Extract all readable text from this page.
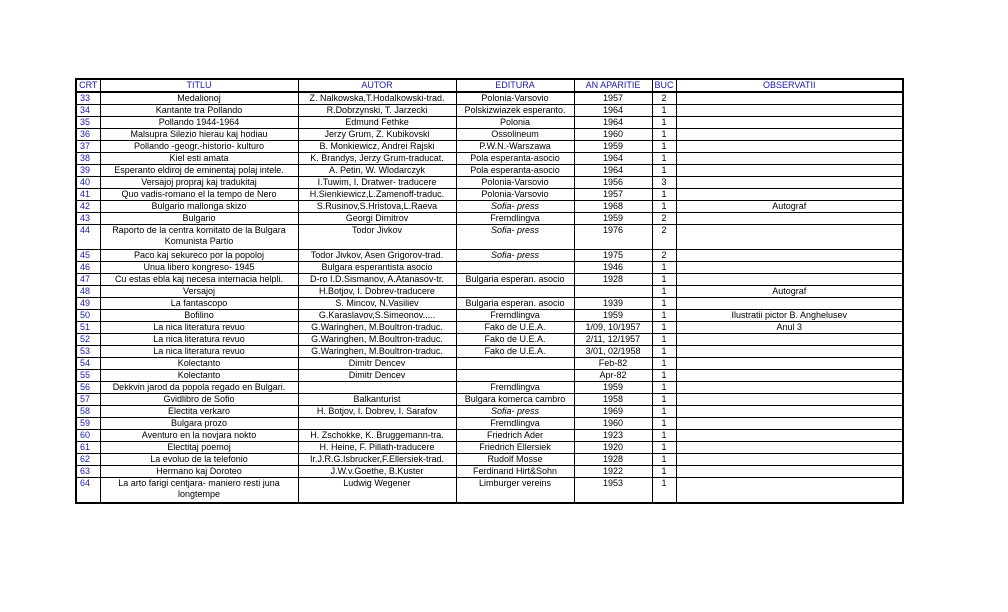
CRT	TITLU	AUTOR	EDITURA	AN APARITIE	BUC	OBSERVATII
33	Medalionoj	Z. Nalkowska,T.Hodalkowski-trad.	Polonia-Varsovio	1957	2	
34	Kantante tra Pollando	R.Dobrzynski, T. Jarzecki	Polskizwiazek esperanto.	1964	1	
35	Pollando 1944-1964	Edmund Fethke	Polonia	1964	1	
36	Malsupra Silezio hierau kaj hodiau	Jerzy Grum, Z. Kubikovski	Ossolineum	1960	1	
37	Pollando -geogr.-historio- kulturo	B. Monkiewicz, Andrei Rajski	P.W.N.-Warszawa	1959	1	
38	Kiel esti amata	K. Brandys, Jerzy Grum-traducat.	Pola esperanta-asocio	1964	1	
39	Esperanto eldiroj de eminentaj polaj intele.	A. Petin, W. Wlodarczyk	Pola esperanta-asocio	1964	1	
40	Versajoj propraj kaj tradukitaj	I.Tuwim, I. Dratwer- traducere	Polonia-Varsovio	1956	3	
41	Quo vadis-romano el la tempo de Nero	H.Sienkiewicz,L.Zamenoff-traduc.	Polonia-Varsovio	1957	1	
42	Bulgario mallonga skizo	S.Rusinov,S.Hristova,L.Raeva	Sofia- press	1968	1	Autograf
43	Bulgario	Georgi Dimitrov	Fremdlingva	1959	2	
44	Raporto de la centra komitato de la Bulgara Komunista Partio	Todor Jivkov	Sofia- press	1976	2	
45	Paco kaj sekureco por la popoloj	Todor Jivkov, Asen Grigorov-trad.	Sofia- press	1975	2	
46	Unua libero kongreso- 1945	Bulgara esperantista asocio		1946	1	
47	Cu estas ebla kaj necesa internacia helpli.	D-ro I.D.Sismanov, A.Atanasov-tr.	Bulgaria esperan. asocio	1928	1	
48	Versajoj	H.Botjov, I. Dobrev-traducere			1	Autograf
49	La fantascopo	S. Mincov, N.Vasiliev	Bulgaria esperan. asocio	1939	1	
50	Bofilino	G.Karaslavov,S.Simeonov.....	Fremdlingva	1959	1	Ilustratii pictor B. Anghelusev
51	La nica literatura revuo	G.Waringhen, M.Boultron-traduc.	Fako de U.E.A.	1/09, 10/1957	1	Anul 3
52	La nica literatura revuo	G.Waringhen, M.Boultron-traduc.	Fako de U.E.A.	2/11, 12/1957	1	
53	La nica literatura revuo	G.Waringhen, M.Boultron-traduc.	Fako de U.E.A.	3/01, 02/1958	1	
54	Kolectanto	Dimitr Dencev		Feb-82	1	
55	Kolectanto	Dimitr Dencev		Apr-82	1	
56	Dekkvin jarod da popola regado en Bulgari.		Fremdlingva	1959	1	
57	Gvidlibro de Sofio	Balkanturist	Bulgara komerca cambro	1958	1	
58	Electita verkaro	H. Botjov, I. Dobrev, I. Sarafov	Sofia- press	1969	1	
59	Bulgara prozo		Fremdlingva	1960	1	
60	Aventuro en la novjara nokto	H. Zschokke, K. Bruggemann-tra.	Friedrich Ader	1923	1	
61	Electitaj poemoj	H. Heine, F. Pillath-traducere	Friedrich Ellersiek	1920	1	
62	La evoluo de la telefonio	Ir.J.R.G.Isbrucker,F.Ellersiek-trad.	Rudolf Mosse	1928	1	
63	Hermano kaj Doroteo	J.W.v.Goethe, B.Kuster	Ferdinand Hirt&Sohn	1922	1	
64	La arto farigi centjara- maniero resti juna longtempe	Ludwig Wegener	Limburger vereins	1953	1	
